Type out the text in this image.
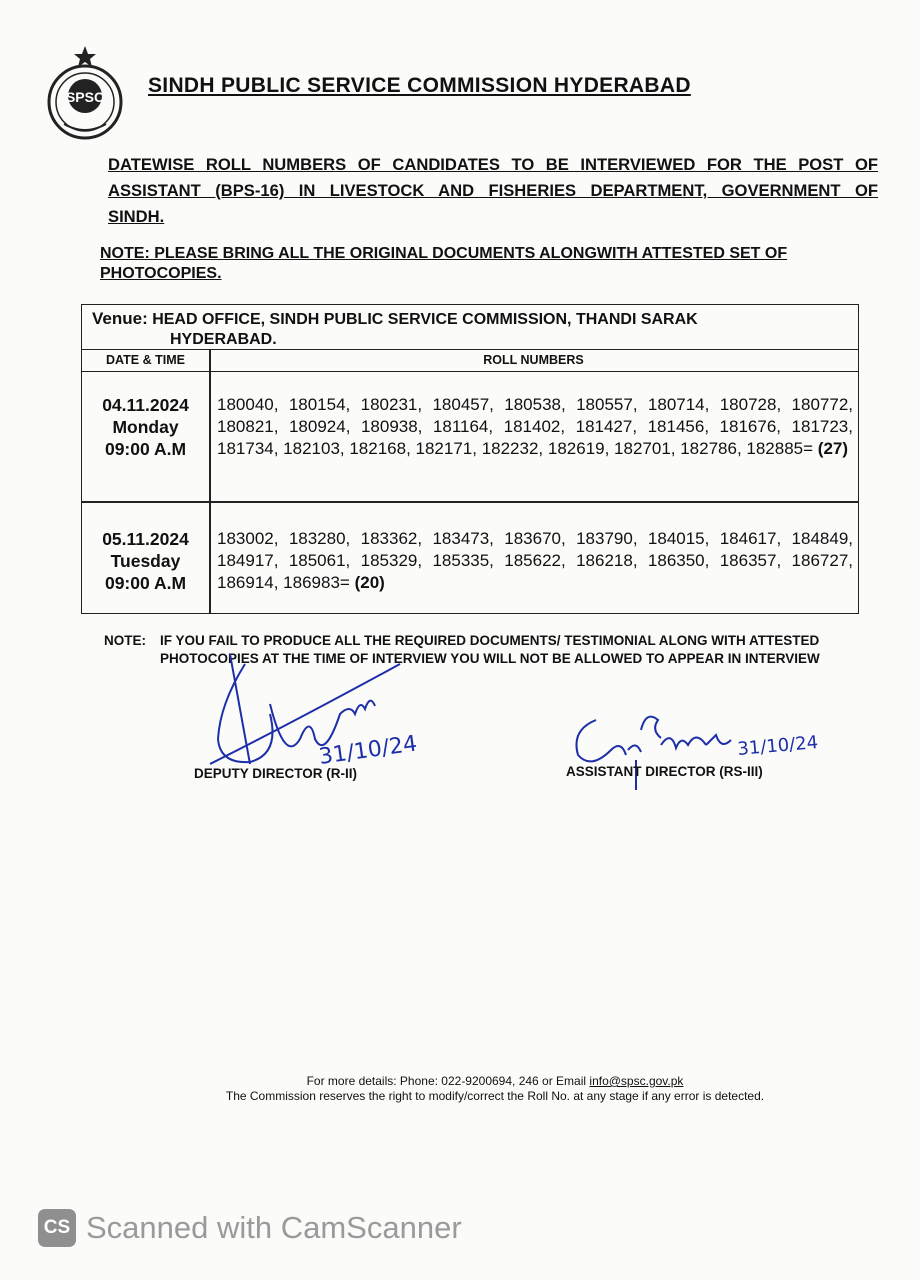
SPSC SINDH PUBLIC SERVICE COMMISSION HYDERABAD
DATEWISE ROLL NUMBERS OF CANDIDATES TO BE INTERVIEWED FOR THE POST OF ASSISTANT (BPS-16) IN LIVESTOCK AND FISHERIES DEPARTMENT, GOVERNMENT OF SINDH.
NOTE: PLEASE BRING ALL THE ORIGINAL DOCUMENTS ALONGWITH ATTESTED SET OF PHOTOCOPIES.
Venue: HEAD OFFICE, SINDH PUBLIC SERVICE COMMISSION, THANDI SARAK
HYDERABAD.
DATE & TIME	ROLL NUMBERS
04.11.2024
Monday
09:00 A.M
180040, 180154, 180231, 180457, 180538, 180557, 180714, 180728, 180772, 180821, 180924, 180938, 181164, 181402, 181427, 181456, 181676, 181723, 181734, 182103, 182168, 182171, 182232, 182619, 182701, 182786, 182885= (27)
05.11.2024
Tuesday
09:00 A.M
183002, 183280, 183362, 183473, 183670, 183790, 184015, 184617, 184849, 184917, 185061, 185329, 185335, 185622, 186218, 186350, 186357, 186727, 186914, 186983= (20)
NOTE:	IF YOU FAIL TO PRODUCE ALL THE REQUIRED DOCUMENTS/ TESTIMONIAL ALONG WITH ATTESTED PHOTOCOPIES AT THE TIME OF INTERVIEW YOU WILL NOT BE ALLOWED TO APPEAR IN INTERVIEW
31/10/24
DEPUTY DIRECTOR (R-II)
31/10/24
ASSISTANT DIRECTOR (RS-III)
For more details: Phone: 022-9200694, 246 or Email info@spsc.gov.pk
The Commission reserves the right to modify/correct the Roll No. at any stage if any error is detected.
CS Scanned with CamScanner
